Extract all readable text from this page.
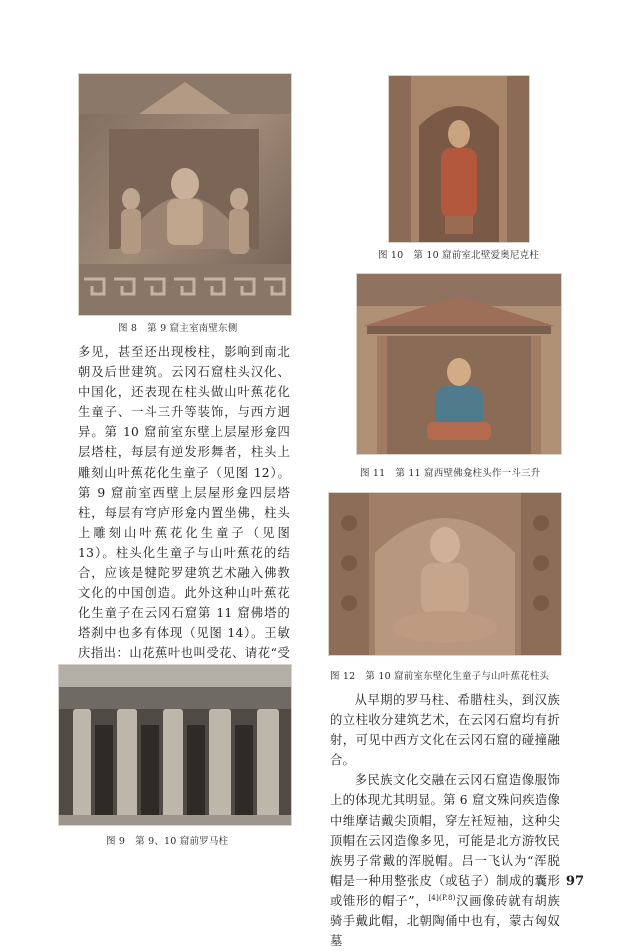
图 8 第 9 窟主室南壁东侧

多见，甚至还出现梭柱，影响到南北朝及后世建筑。云冈石窟柱头汉化、中国化，还表现在柱头做山叶蕉花化生童子、一斗三升等装饰，与西方迥异。第 10 窟前室东壁上层屋形龛四层塔柱，每层有逆发形舞者，柱头上雕刻山叶蕉花化生童子（见图 12）。第 9 窟前室西壁上层屋形龛四层塔柱，每层有穹庐形龛内置坐佛，柱头上雕刻山叶蕉花化生童子（见图 13）。柱头化生童子与山叶蕉花的结合，应该是犍陀罗建筑艺术融入佛教文化的中国创造。此外这种山叶蕉花化生童子在云冈石窟第 11 窟佛塔的塔刹中也多有体现（见图 14）。王敏庆指出：山花蕉叶也叫受花、请花“受

图 9 第 9、10 窟前罗马柱
图 10 第 10 窟前室北壁爱奥尼克柱
图 11 第 11 窟西壁佛龛柱头作一斗三升
图 12 第 10 窟前室东壁化生童子与山叶蕉花柱头

从早期的罗马柱、希腊柱头，到汉族的立柱收分建筑艺术，在云冈石窟均有折射，可见中西方文化在云冈石窟的碰撞融合。

多民族文化交融在云冈石窟造像服饰上的体现尤其明显。第 6 窟文殊问疾造像中维摩诘戴尖顶帽，穿左衽短袖，这种尖顶帽在云冈造像多见，可能是北方游牧民族男子常戴的浑脱帽。吕一飞认为“浑脱帽是一种用整张皮（或毡子）制成的囊形或锥形的帽子”，$^{[4](P.8)}$汉画像砖就有胡族骑手戴此帽，北朝陶俑中也有，蒙古匈奴墓

97
